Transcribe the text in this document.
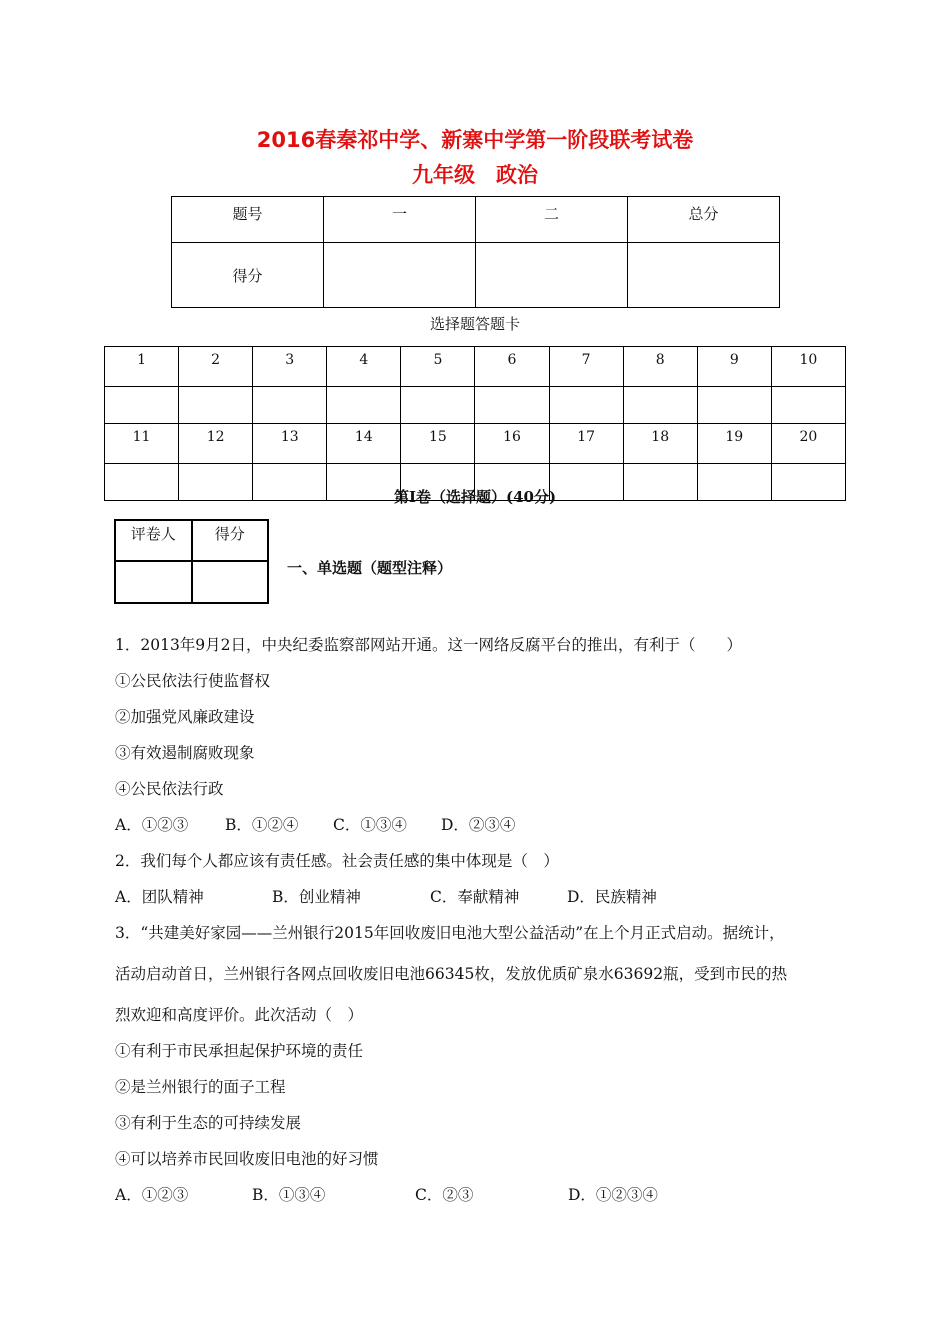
2016春秦祁中学、新寨中学第一阶段联考试卷
九年级　政治
题号	一	二	总分
得分			
选择题答题卡
1	2	3	4	5	6	7	8	9	10

11	12	13	14	15	16	17	18	19	20

第Ⅰ卷（选择题）(40分)
评卷人	得分

一、单选题（题型注释）
1．2013年9月2日，中央纪委监察部网站开通。这一网络反腐平台的推出，有利于（　　）
①公民依法行使监督权
②加强党风廉政建设
③有效遏制腐败现象
④公民依法行政
A．①②③ B．①②④ C．①③④ D．②③④
2．我们每个人都应该有责任感。社会责任感的集中体现是（　）
A．团队精神	B．创业精神	C．奉献精神	D．民族精神
3．“共建美好家园——兰州银行2015年回收废旧电池大型公益活动”在上个月正式启动。据统计，
活动启动首日，兰州银行各网点回收废旧电池66345枚，发放优质矿泉水63692瓶，受到市民的热
烈欢迎和高度评价。此次活动（　）
①有利于市民承担起保护环境的责任
②是兰州银行的面子工程
③有利于生态的可持续发展
④可以培养市民回收废旧电池的好习惯
A．①②③	B．①③④	C．②③	D．①②③④
